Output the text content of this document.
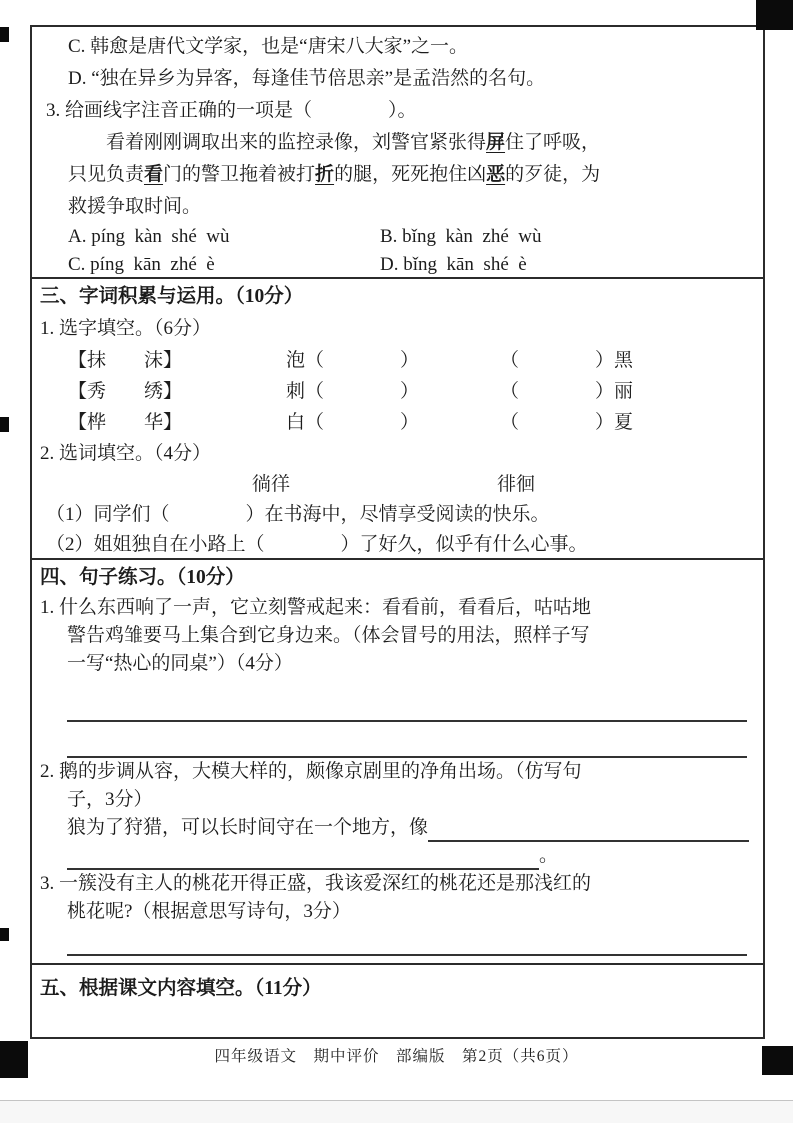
C. 韩愈是唐代文学家，也是“唐宋八大家”之一。
D. “独在异乡为异客，每逢佳节倍思亲”是孟浩然的名句。
3. 给画线字注音正确的一项是（　　　　）。
看着刚刚调取出来的监控录像，刘警官紧张得屏住了呼吸，
只见负责看门的警卫拖着被打折的腿，死死抱住凶恶的歹徒，为
救援争取时间。
A. píng  kàn  shé  wù	B. bǐng  kàn  zhé  wù
C. píng  kān  zhé  è	D. bǐng  kān  shé  è
三、字词积累与运用。（10分）
1. 选字填空。（6分）
【抹　　沫】	泡（　　　　）	（　　　　）黑
【秀　　绣】	刺（　　　　）	（　　　　）丽
【桦　　华】	白（　　　　）	（　　　　）夏
2. 选词填空。（4分）
徜徉	徘徊
（1）同学们（　　　　）在书海中，尽情享受阅读的快乐。
（2）姐姐独自在小路上（　　　　）了好久，似乎有什么心事。
四、句子练习。（10分）
1. 什么东西响了一声，它立刻警戒起来：看看前，看看后，咕咕地
警告鸡雏要马上集合到它身边来。（体会冒号的用法，照样子写
一写“热心的同桌”）（4分）
2. 鹅的步调从容，大模大样的，颇像京剧里的净角出场。（仿写句
子，3分）
狼为了狩猎，可以长时间守在一个地方，像
。
3. 一簇没有主人的桃花开得正盛，我该爱深红的桃花还是那浅红的
桃花呢?（根据意思写诗句，3分）
五、根据课文内容填空。（11分）
四年级语文　期中评价　部编版　第2页（共6页）
